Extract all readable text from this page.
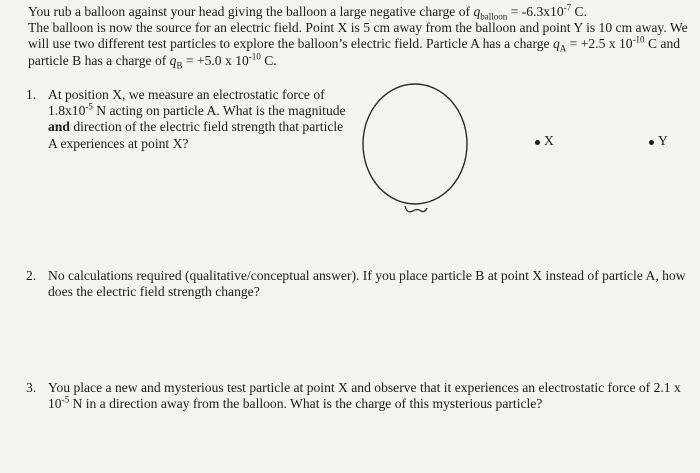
You rub a balloon against your head giving the balloon a large negative charge of $q_{balloon} = -6.3x10^{-7}$ C.
The balloon is now the source for an electric field. Point X is 5 cm away from the balloon and point Y is 10 cm away. We will use two different test particles to explore the balloon’s electric field. Particle A has a charge $q_A = +2.5$ x $10^{-10}$ C and particle B has a charge of $q_B = +5.0$ x $10^{-10}$ C.

1. At position X, we measure an electrostatic force of $1.8x10^{-5}$ N acting on particle A. What is the magnitude and direction of the electric field strength that particle A experiences at point X?	X	Y
2. No calculations required (qualitative/conceptual answer). If you place particle B at point X instead of particle A, how does the electric field strength change?
3. You place a new and mysterious test particle at point X and observe that it experiences an electrostatic force of 2.1 x $10^{-5}$ N in a direction away from the balloon. What is the charge of this mysterious particle?
